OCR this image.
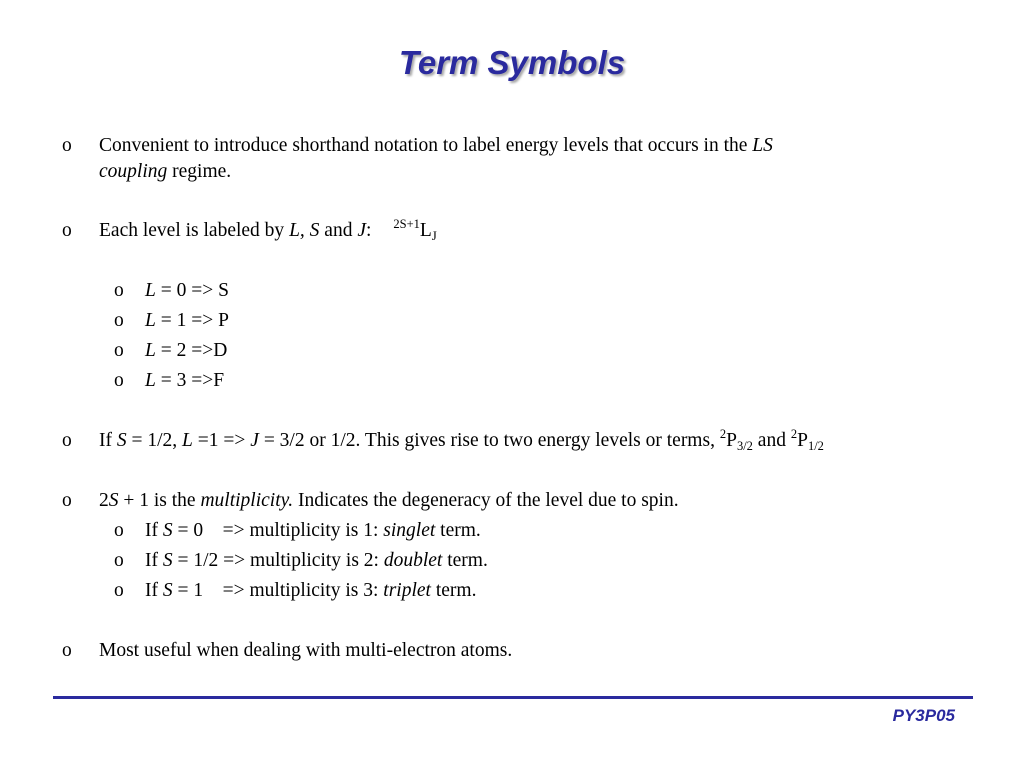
Term Symbols
o Convenient to introduce shorthand notation to label energy levels that occurs in the LS
coupling regime.
o Each level is labeled by L, S and J: $^{2S+1}L_J$
o L = 0 => S
o L = 1 => P
o L = 2 =>D
o L = 3 =>F
o If S = 1/2, L =1 => J = 3/2 or 1/2. This gives rise to two energy levels or terms, $^2P_{3/2}$ and $^2P_{1/2}$
o 2S + 1 is the multiplicity. Indicates the degeneracy of the level due to spin.
o If S = 0    => multiplicity is 1: singlet term.
o If S = 1/2 => multiplicity is 2: doublet term.
o If S = 1    => multiplicity is 3: triplet term.
o Most useful when dealing with multi-electron atoms.
PY3P05
